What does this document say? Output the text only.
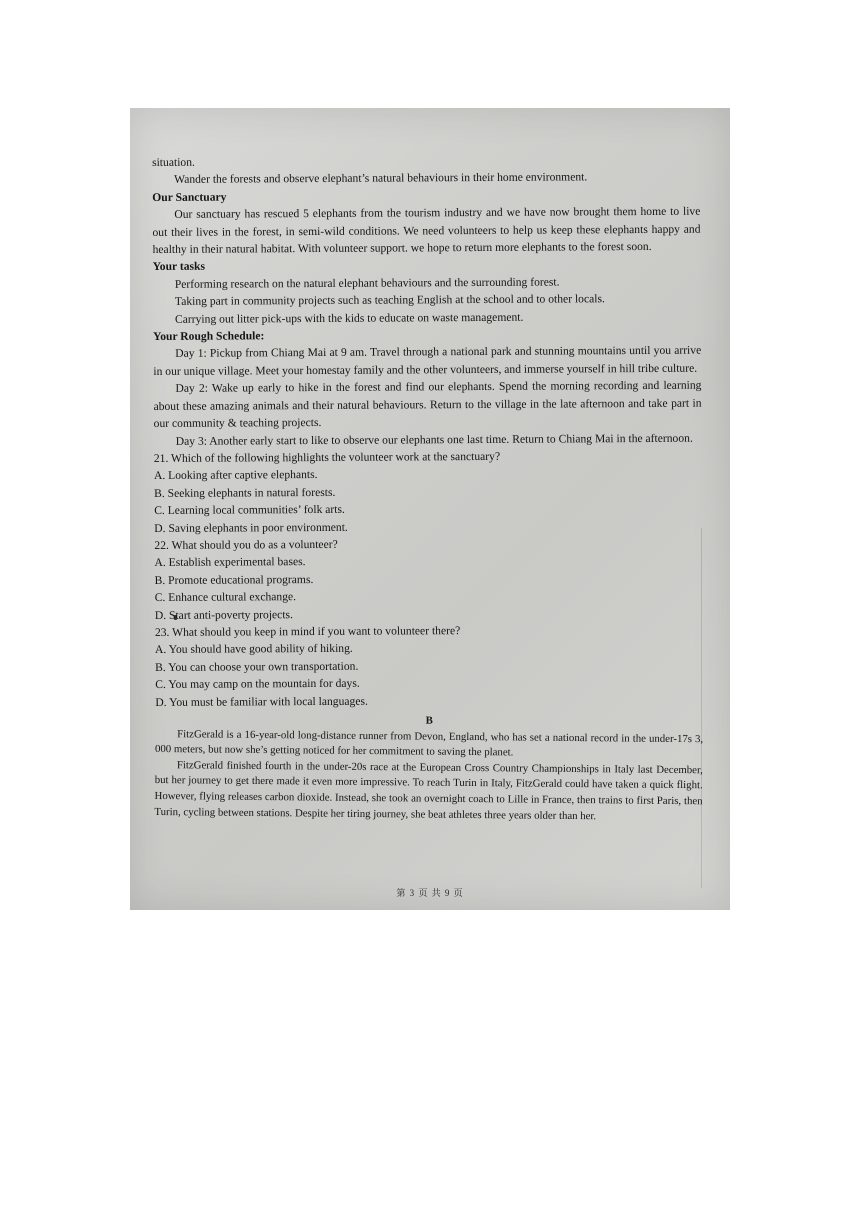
situation.

Wander the forests and observe elephant’s natural behaviours in their home environment.

Our Sanctuary

Our sanctuary has rescued 5 elephants from the tourism industry and we have now brought them home to live out their lives in the forest, in semi-wild conditions. We need volunteers to help us keep these elephants happy and healthy in their natural habitat. With volunteer support. we hope to return more elephants to the forest soon.

Your tasks

Performing research on the natural elephant behaviours and the surrounding forest.

Taking part in community projects such as teaching English at the school and to other locals.

Carrying out litter pick-ups with the kids to educate on waste management.

Your Rough Schedule:

Day 1: Pickup from Chiang Mai at 9 am. Travel through a national park and stunning mountains until you arrive in our unique village. Meet your homestay family and the other volunteers, and immerse yourself in hill tribe culture.

Day 2: Wake up early to hike in the forest and find our elephants. Spend the morning recording and learning about these amazing animals and their natural behaviours. Return to the village in the late afternoon and take part in our community & teaching projects.

Day 3: Another early start to like to observe our elephants one last time. Return to Chiang Mai in the afternoon.

21. Which of the following highlights the volunteer work at the sanctuary?

A. Looking after captive elephants.

B. Seeking elephants in natural forests.

C. Learning local communities’ folk arts.

D. Saving elephants in poor environment.

22. What should you do as a volunteer?

A. Establish experimental bases.

B. Promote educational programs.

C. Enhance cultural exchange.

D. Start anti-poverty projects.

23. What should you keep in mind if you want to volunteer there?

A. You should have good ability of hiking.

B. You can choose your own transportation.

C. You may camp on the mountain for days.

D. You must be familiar with local languages.

B

FitzGerald is a 16-year-old long-distance runner from Devon, England, who has set a national record in the under-17s 3, 000 meters, but now she’s getting noticed for her commitment to saving the planet.

FitzGerald finished fourth in the under-20s race at the European Cross Country Championships in Italy last December, but her journey to get there made it even more impressive. To reach Turin in Italy, FitzGerald could have taken a quick flight. However, flying releases carbon dioxide. Instead, she took an overnight coach to Lille in France, then trains to first Paris, then Turin, cycling between stations. Despite her tiring journey, she beat athletes three years older than her.

第 3 页 共 9 页
